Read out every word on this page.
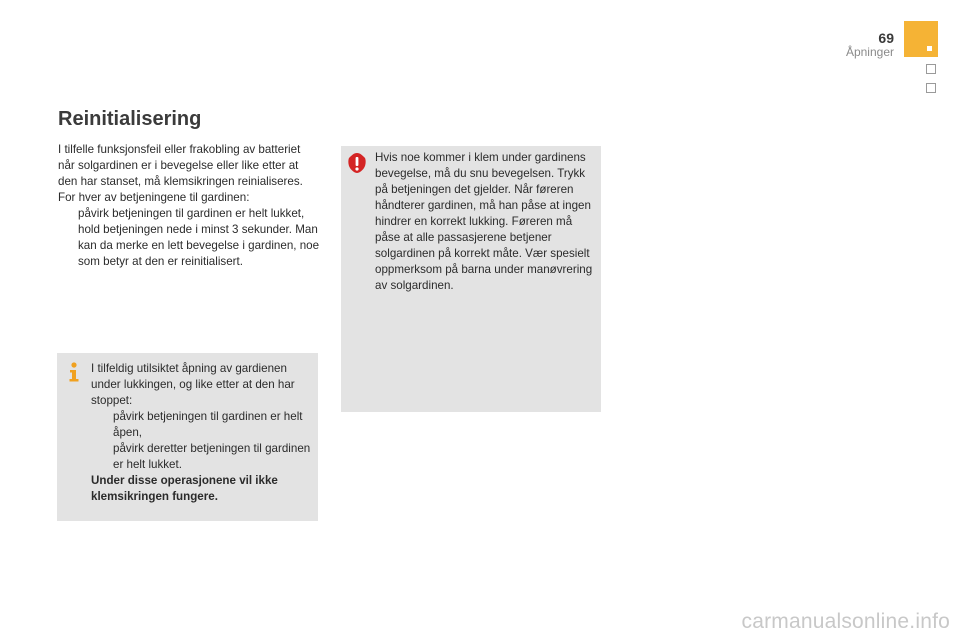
69
Åpninger
Reinitialisering

I tilfelle funksjonsfeil eller frakobling av batteriet når solgardinen er i bevegelse eller like etter at den har stanset, må klemsikringen reinialiseres.

For hver av betjeningene til gardinen:

påvirk betjeningen til gardinen er helt lukket,
hold betjeningen nede i minst 3 sekunder. Man kan da merke en lett bevegelse i gardinen, noe som betyr at den er reinitialisert.

I tilfeldig utilsiktet åpning av gardienen under lukkingen, og like etter at den har stoppet:

påvirk betjeningen til gardinen er helt åpen,
påvirk deretter betjeningen til gardinen er helt lukket.

Under disse operasjonene vil ikke klemsikringen fungere.

Hvis noe kommer i klem under gardinens bevegelse, må du snu bevegelsen. Trykk på betjeningen det gjelder. Når føreren håndterer gardinen, må han påse at ingen hindrer en korrekt lukking. Føreren må påse at alle passasjerene betjener solgardinen på korrekt måte. Vær spesielt oppmerksom på barna under manøvrering av solgardinen.

carmanualsonline.info
